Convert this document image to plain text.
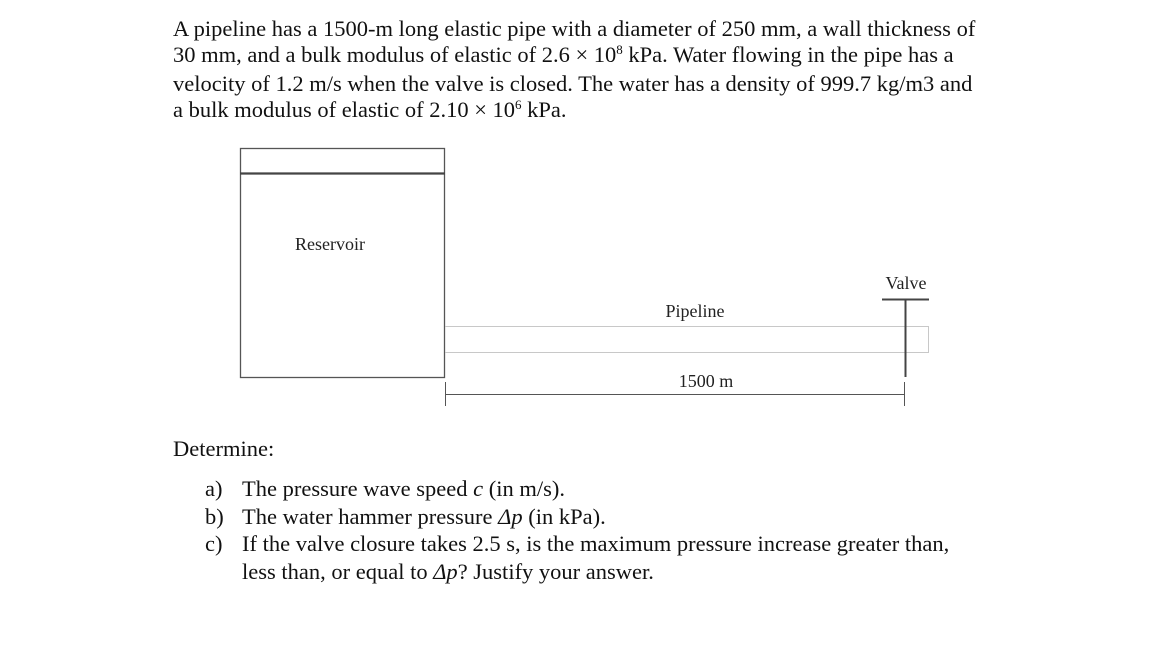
A pipeline has a 1500-m long elastic pipe with a diameter of 250 mm, a wall thickness of
30 mm, and a bulk modulus of elastic of $2.6 \times 10^8$ kPa. Water flowing in the pipe has a
velocity of 1.2 m/s when the valve is closed. The water has a density of 999.7 kg/m3 and
a bulk modulus of elastic of $2.10 \times 10^6$ kPa.
Reservoir
Pipeline
Valve
1500 m

Determine:

a) The pressure wave speed c (in m/s).
b) The water hammer pressure Δp (in kPa).
c) If the valve closure takes 2.5 s, is the maximum pressure increase greater than,
less than, or equal to Δp? Justify your answer.
